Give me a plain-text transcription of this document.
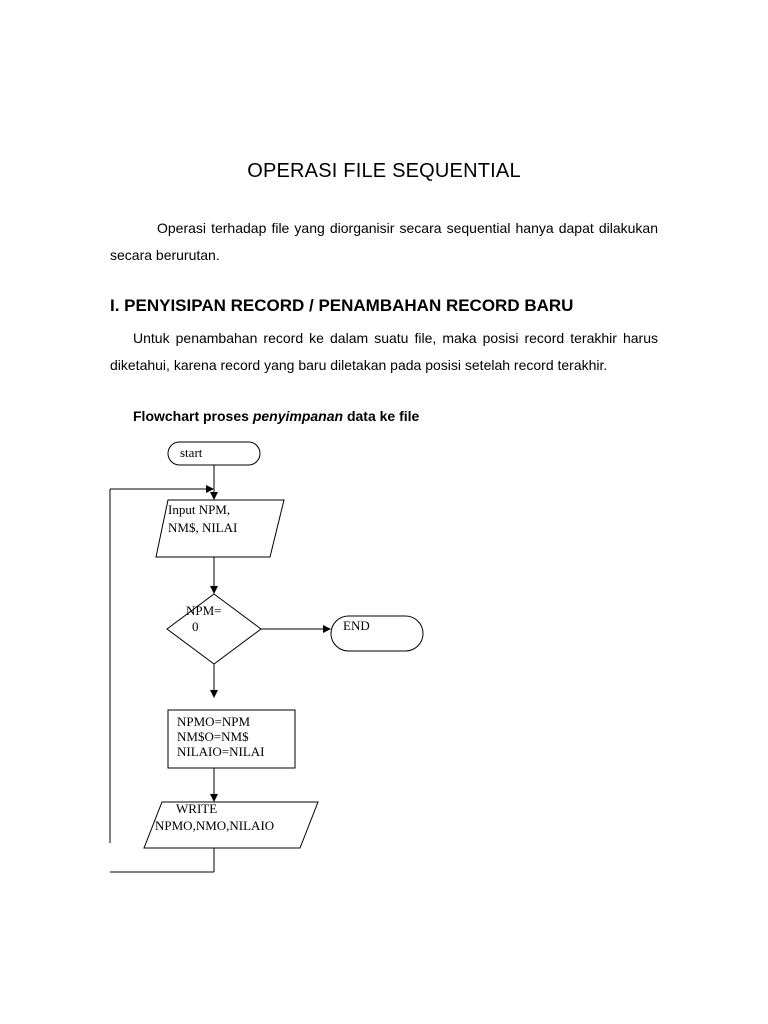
OPERASI FILE SEQUENTIAL

Operasi terhadap file yang diorganisir secara sequential hanya dapat dilakukan secara berurutan.

I. PENYISIPAN RECORD / PENAMBAHAN RECORD BARU

Untuk penambahan record ke dalam suatu file, maka posisi record terakhir harus diketahui, karena record yang baru diletakan pada posisi setelah record terakhir.

Flowchart proses penyimpanan data ke file

start
Input NPM,
NM$, NILAI
NPM=
0	END
NPMO=NPM
NM$O=NM$
NILAIO=NILAI
WRITE
NPMO,NMO,NILAIO
